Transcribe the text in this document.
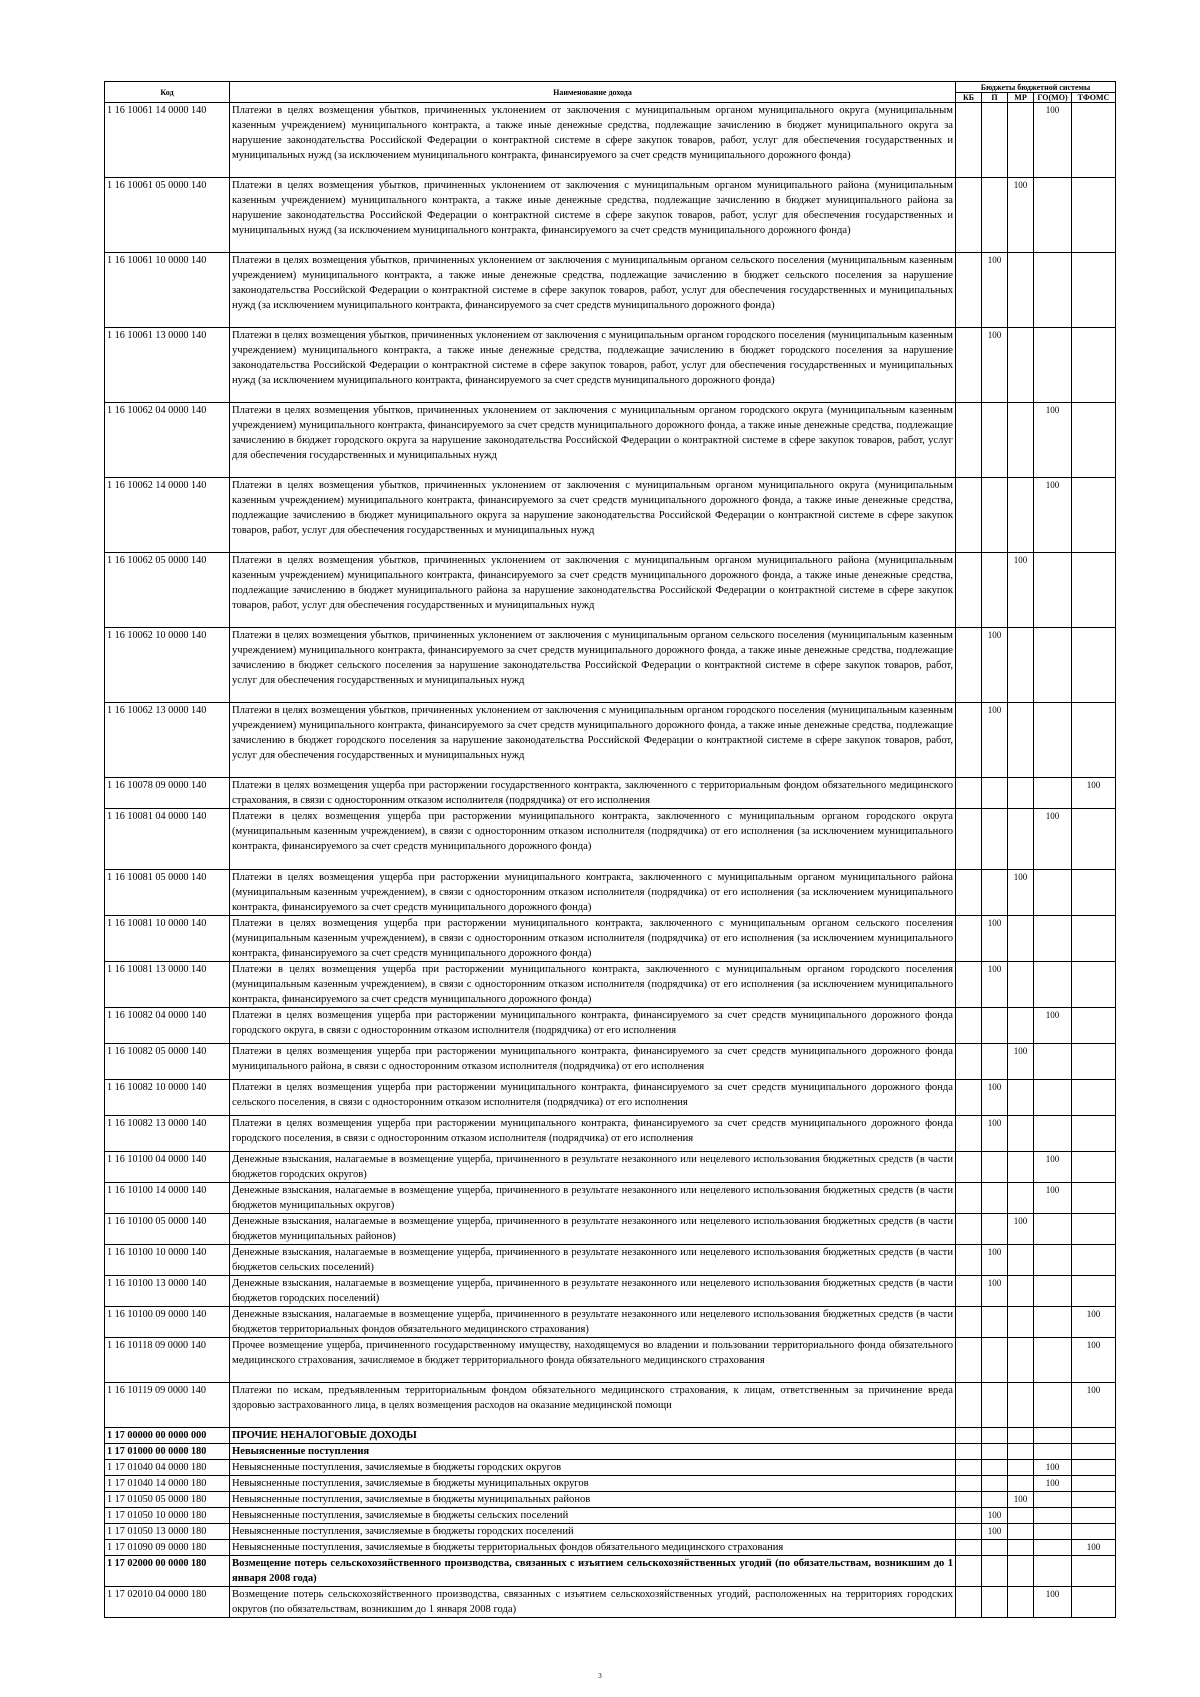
Код	Наименование дохода	Бюджеты бюджетной системы				
		КБ	П	МР	ГО(МО)	ТФОМС
1 16 10061 14 0000 140	Платежи в целях возмещения убытков, причиненных уклонением от заключения с муниципальным органом муниципального округа (муниципальным казенным учреждением) муниципального контракта, а также иные денежные средства, подлежащие зачислению в бюджет муниципального округа за нарушение законодательства Российской Федерации о контрактной системе в сфере закупок товаров, работ, услуг для обеспечения государственных и муниципальных нужд (за исключением муниципального контракта, финансируемого за счет средств муниципального дорожного фонда)				100	
1 16 10061 05 0000 140	Платежи в целях возмещения убытков, причиненных уклонением от заключения с муниципальным органом муниципального района (муниципальным казенным учреждением) муниципального контракта, а также иные денежные средства, подлежащие зачислению в бюджет муниципального района за нарушение законодательства Российской Федерации о контрактной системе в сфере закупок товаров, работ, услуг для обеспечения государственных и муниципальных нужд (за исключением муниципального контракта, финансируемого за счет средств муниципального дорожного фонда)			100		
1 16 10061 10 0000 140	Платежи в целях возмещения убытков, причиненных уклонением от заключения с муниципальным органом сельского поселения (муниципальным казенным учреждением) муниципального контракта, а также иные денежные средства, подлежащие зачислению в бюджет сельского поселения за нарушение законодательства Российской Федерации о контрактной системе в сфере закупок товаров, работ, услуг для обеспечения государственных и муниципальных нужд (за исключением муниципального контракта, финансируемого за счет средств муниципального дорожного фонда)		100			
1 16 10061 13 0000 140	Платежи в целях возмещения убытков, причиненных уклонением от заключения с муниципальным органом городского поселения (муниципальным казенным учреждением) муниципального контракта, а также иные денежные средства, подлежащие зачислению в бюджет городского поселения за нарушение законодательства Российской Федерации о контрактной системе в сфере закупок товаров, работ, услуг для обеспечения государственных и муниципальных нужд (за исключением муниципального контракта, финансируемого за счет средств муниципального дорожного фонда)		100			
1 16 10062 04 0000 140	Платежи в целях возмещения убытков, причиненных уклонением от заключения с муниципальным органом городского округа (муниципальным казенным учреждением) муниципального контракта, финансируемого за счет средств муниципального дорожного фонда, а также иные денежные средства, подлежащие зачислению в бюджет городского округа за нарушение законодательства Российской Федерации о контрактной системе в сфере закупок товаров, работ, услуг для обеспечения государственных и муниципальных нужд				100	
1 16 10062 14 0000 140	Платежи в целях возмещения убытков, причиненных уклонением от заключения с муниципальным органом муниципального округа (муниципальным казенным учреждением) муниципального контракта, финансируемого за счет средств муниципального дорожного фонда, а также иные денежные средства, подлежащие зачислению в бюджет муниципального округа за нарушение законодательства Российской Федерации о контрактной системе в сфере закупок товаров, работ, услуг для обеспечения государственных и муниципальных нужд				100	
1 16 10062 05 0000 140	Платежи в целях возмещения убытков, причиненных уклонением от заключения с муниципальным органом муниципального района (муниципальным казенным учреждением) муниципального контракта, финансируемого за счет средств муниципального дорожного фонда, а также иные денежные средства, подлежащие зачислению в бюджет муниципального района за нарушение законодательства Российской Федерации о контрактной системе в сфере закупок товаров, работ, услуг для обеспечения государственных и муниципальных нужд			100		
1 16 10062 10 0000 140	Платежи в целях возмещения убытков, причиненных уклонением от заключения с муниципальным органом сельского поселения (муниципальным казенным учреждением) муниципального контракта, финансируемого за счет средств муниципального дорожного фонда, а также иные денежные средства, подлежащие зачислению в бюджет сельского поселения за нарушение законодательства Российской Федерации о контрактной системе в сфере закупок товаров, работ, услуг для обеспечения государственных и муниципальных нужд		100			
1 16 10062 13 0000 140	Платежи в целях возмещения убытков, причиненных уклонением от заключения с муниципальным органом городского поселения (муниципальным казенным учреждением) муниципального контракта, финансируемого за счет средств муниципального дорожного фонда, а также иные денежные средства, подлежащие зачислению в бюджет городского поселения за нарушение законодательства Российской Федерации о контрактной системе в сфере закупок товаров, работ, услуг для обеспечения государственных и муниципальных нужд		100			
1 16 10078 09 0000 140	Платежи в целях возмещения ущерба при расторжении государственного контракта, заключенного с территориальным фондом обязательного медицинского страхования, в связи с односторонним отказом исполнителя (подрядчика) от его исполнения					100
1 16 10081 04 0000 140	Платежи в целях возмещения ущерба при расторжении муниципального контракта, заключенного с муниципальным органом городского округа (муниципальным казенным учреждением), в связи с односторонним отказом исполнителя (подрядчика) от его исполнения (за исключением муниципального контракта, финансируемого за счет средств муниципального дорожного фонда)				100	
1 16 10081 05 0000 140	Платежи в целях возмещения ущерба при расторжении муниципального контракта, заключенного с муниципальным органом муниципального района (муниципальным казенным учреждением), в связи с односторонним отказом исполнителя (подрядчика) от его исполнения (за исключением муниципального контракта, финансируемого за счет средств муниципального дорожного фонда)			100		
1 16 10081 10 0000 140	Платежи в целях возмещения ущерба при расторжении муниципального контракта, заключенного с муниципальным органом сельского поселения (муниципальным казенным учреждением), в связи с односторонним отказом исполнителя (подрядчика) от его исполнения (за исключением муниципального контракта, финансируемого за счет средств муниципального дорожного фонда)		100			
1 16 10081 13 0000 140	Платежи в целях возмещения ущерба при расторжении муниципального контракта, заключенного с муниципальным органом городского поселения (муниципальным казенным учреждением), в связи с односторонним отказом исполнителя (подрядчика) от его исполнения (за исключением муниципального контракта, финансируемого за счет средств муниципального дорожного фонда)		100			
1 16 10082 04 0000 140	Платежи в целях возмещения ущерба при расторжении муниципального контракта, финансируемого за счет средств муниципального дорожного фонда городского округа, в связи с односторонним отказом исполнителя (подрядчика) от его исполнения				100	
1 16 10082 05 0000 140	Платежи в целях возмещения ущерба при расторжении муниципального контракта, финансируемого за счет средств муниципального дорожного фонда муниципального района, в связи с односторонним отказом исполнителя (подрядчика) от его исполнения			100		
1 16 10082 10 0000 140	Платежи в целях возмещения ущерба при расторжении муниципального контракта, финансируемого за счет средств муниципального дорожного фонда сельского поселения, в связи с односторонним отказом исполнителя (подрядчика) от его исполнения		100			
1 16 10082 13 0000 140	Платежи в целях возмещения ущерба при расторжении муниципального контракта, финансируемого за счет средств муниципального дорожного фонда городского поселения, в связи с односторонним отказом исполнителя (подрядчика) от его исполнения		100			
1 16 10100 04 0000 140	Денежные взыскания, налагаемые в возмещение ущерба, причиненного в результате незаконного или нецелевого использования бюджетных средств (в части бюджетов городских округов)				100	
1 16 10100 14 0000 140	Денежные взыскания, налагаемые в возмещение ущерба, причиненного в результате незаконного или нецелевого использования бюджетных средств (в части бюджетов муниципальных округов)				100	
1 16 10100 05 0000 140	Денежные взыскания, налагаемые в возмещение ущерба, причиненного в результате незаконного или нецелевого использования бюджетных средств (в части бюджетов муниципальных районов)			100		
1 16 10100 10 0000 140	Денежные взыскания, налагаемые в возмещение ущерба, причиненного в результате незаконного или нецелевого использования бюджетных средств (в части бюджетов сельских поселений)		100			
1 16 10100 13 0000 140	Денежные взыскания, налагаемые в возмещение ущерба, причиненного в результате незаконного или нецелевого использования бюджетных средств (в части бюджетов городских поселений)		100			
1 16 10100 09 0000 140	Денежные взыскания, налагаемые в возмещение ущерба, причиненного в результате незаконного или нецелевого использования бюджетных средств (в части бюджетов территориальных фондов обязательного медицинского страхования)					100
1 16 10118 09 0000 140	Прочее возмещение ущерба, причиненного государственному имуществу, находящемуся во владении и пользовании территориального фонда обязательного медицинского страхования, зачисляемое в бюджет территориального фонда обязательного медицинского страхования					100
1 16 10119 09 0000 140	Платежи по искам, предъявленным территориальным фондом обязательного медицинского страхования, к лицам, ответственным за причинение вреда здоровью застрахованного лица, в целях возмещения расходов на оказание медицинской помощи					100
1 17 00000 00 0000 000	ПРОЧИЕ НЕНАЛОГОВЫЕ ДОХОДЫ					
1 17 01000 00 0000 180	Невыясненные поступления					
1 17 01040 04 0000 180	Невыясненные поступления, зачисляемые в бюджеты городских округов				100	
1 17 01040 14 0000 180	Невыясненные поступления, зачисляемые в бюджеты муниципальных округов				100	
1 17 01050 05 0000 180	Невыясненные поступления, зачисляемые в бюджеты муниципальных районов			100		
1 17 01050 10 0000 180	Невыясненные поступления, зачисляемые в бюджеты сельских поселений		100			
1 17 01050 13 0000 180	Невыясненные поступления, зачисляемые в бюджеты городских поселений		100			
1 17 01090 09 0000 180	Невыясненные поступления, зачисляемые в бюджеты территориальных фондов обязательного медицинского страхования					100
1 17 02000 00 0000 180	Возмещение потерь сельскохозяйственного производства, связанных с изъятием сельскохозяйственных угодий (по обязательствам, возникшим до 1 января 2008 года)					
1 17 02010 04 0000 180	Возмещение потерь сельскохозяйственного производства, связанных с изъятием сельскохозяйственных угодий, расположенных на территориях городских округов (по обязательствам, возникшим до 1 января 2008 года)				100	
3
